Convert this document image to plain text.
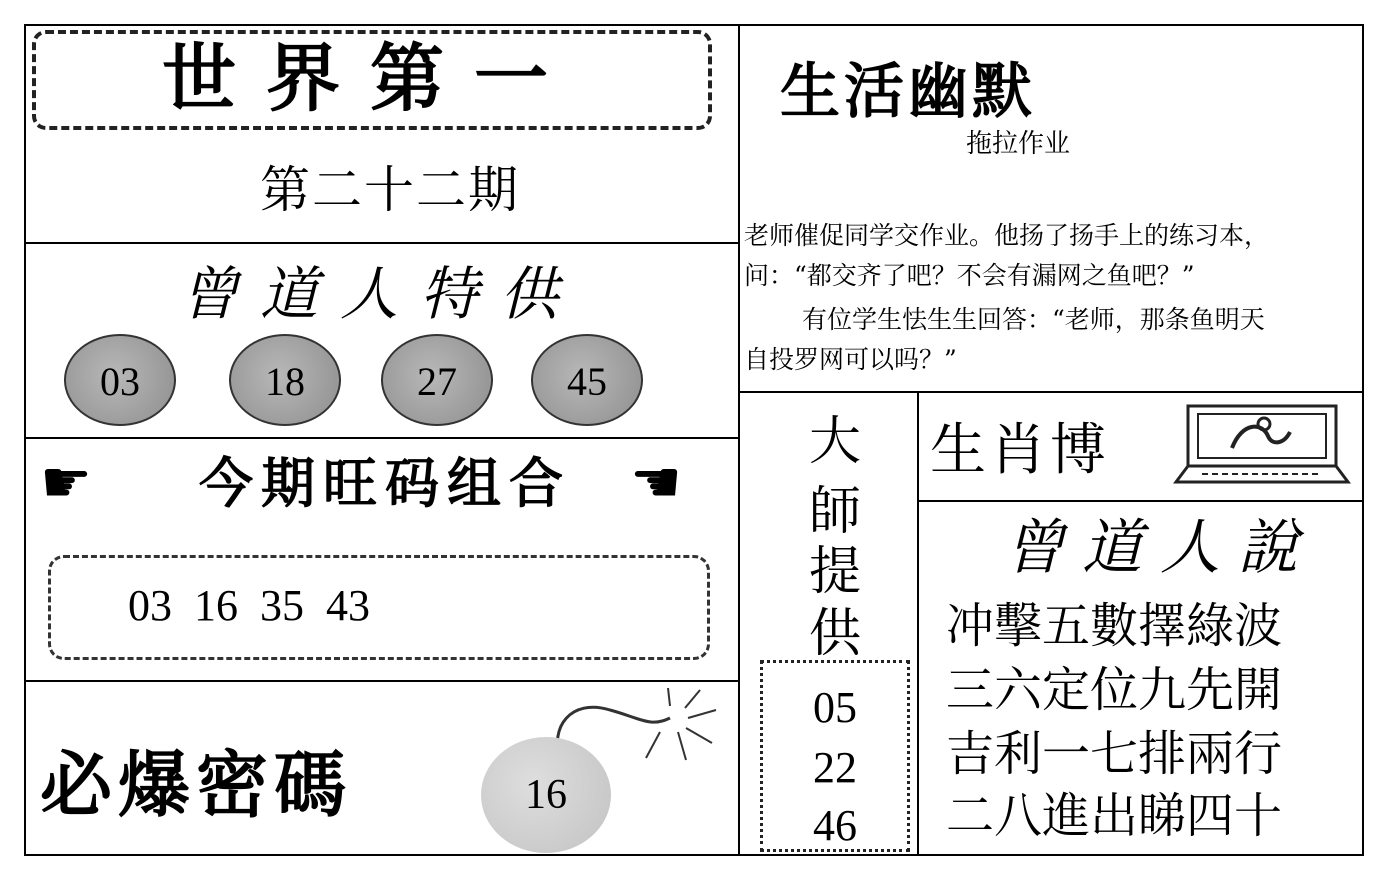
世界第一
第二十二期
曾道人特供
03	18	27	45
☛	今期旺码组合	☚
03  16  35  43
必爆密碼	16
生活幽默
拖拉作业
老师催促同学交作业。他扬了扬手上的练习本，
问：“都交齐了吧？不会有漏网之鱼吧？”
有位学生怯生生回答：“老师，那条鱼明天
自投罗网可以吗？”
大
師
提
供
05
22
46
生肖博
曾道人說
冲擊五數擇綠波
三六定位九先開
吉利一七排兩行
二八進出睇四十
